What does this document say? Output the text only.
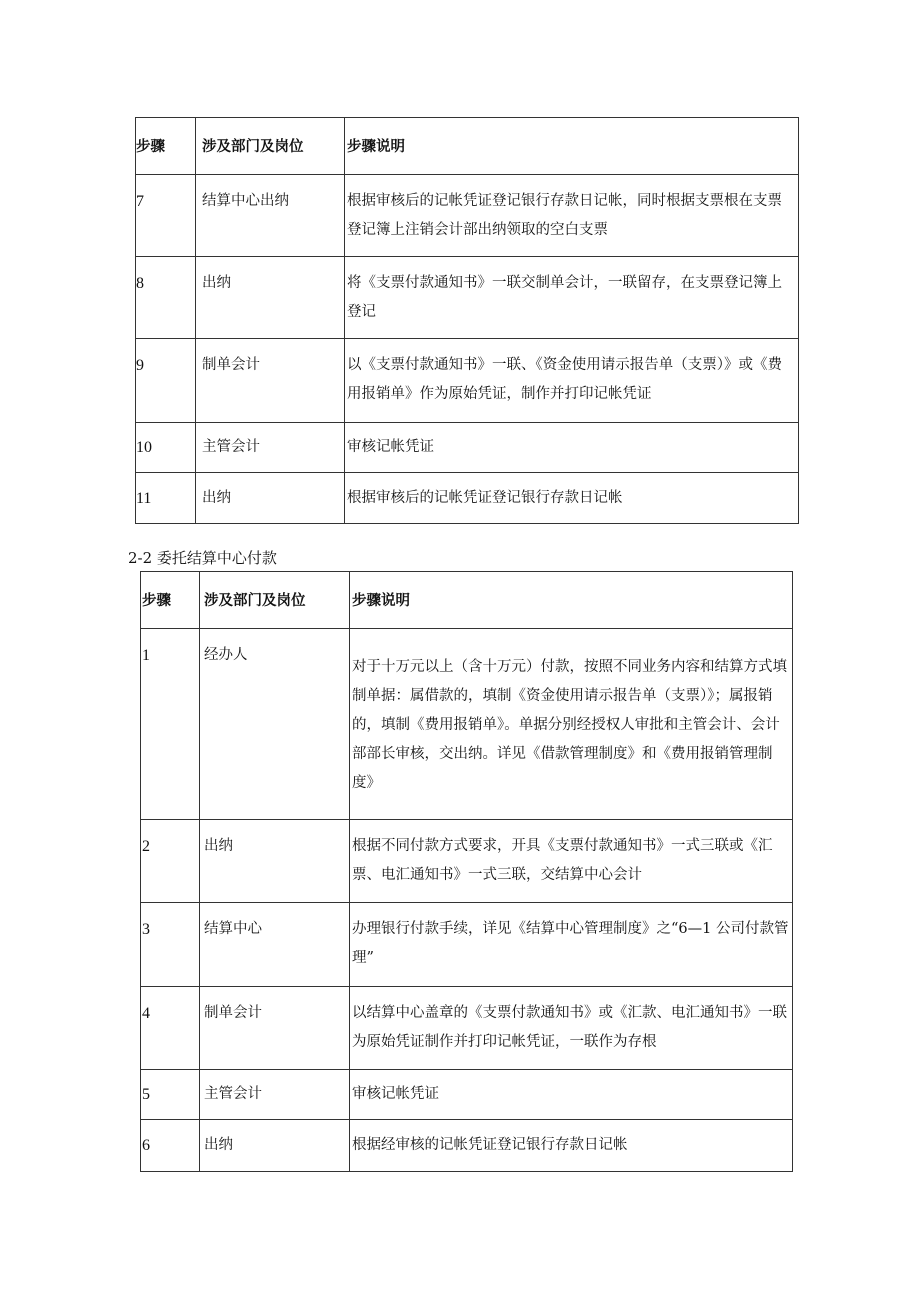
步骤	涉及部门及岗位	步骤说明
7	结算中心出纳	根据审核后的记帐凭证登记银行存款日记帐，同时根据支票根在支票登记簿上注销会计部出纳领取的空白支票
8	出纳	将《支票付款通知书》一联交制单会计，一联留存，在支票登记簿上登记
9	制单会计	以《支票付款通知书》一联、《资金使用请示报告单（支票）》或《费用报销单》作为原始凭证，制作并打印记帐凭证
10	主管会计	审核记帐凭证
11	出纳	根据审核后的记帐凭证登记银行存款日记帐
2-2 委托结算中心付款
步骤	涉及部门及岗位	步骤说明
1	经办人	对于十万元以上（含十万元）付款，按照不同业务内容和结算方式填制单据：属借款的，填制《资金使用请示报告单（支票）》；属报销的，填制《费用报销单》。单据分别经授权人审批和主管会计、会计部部长审核，交出纳。详见《借款管理制度》和《费用报销管理制度》
2	出纳	根据不同付款方式要求，开具《支票付款通知书》一式三联或《汇票、电汇通知书》一式三联，交结算中心会计
3	结算中心	办理银行付款手续，详见《结算中心管理制度》之“6—1 公司付款管理”
4	制单会计	以结算中心盖章的《支票付款通知书》或《汇款、电汇通知书》一联为原始凭证制作并打印记帐凭证，一联作为存根
5	主管会计	审核记帐凭证
6	出纳	根据经审核的记帐凭证登记银行存款日记帐
